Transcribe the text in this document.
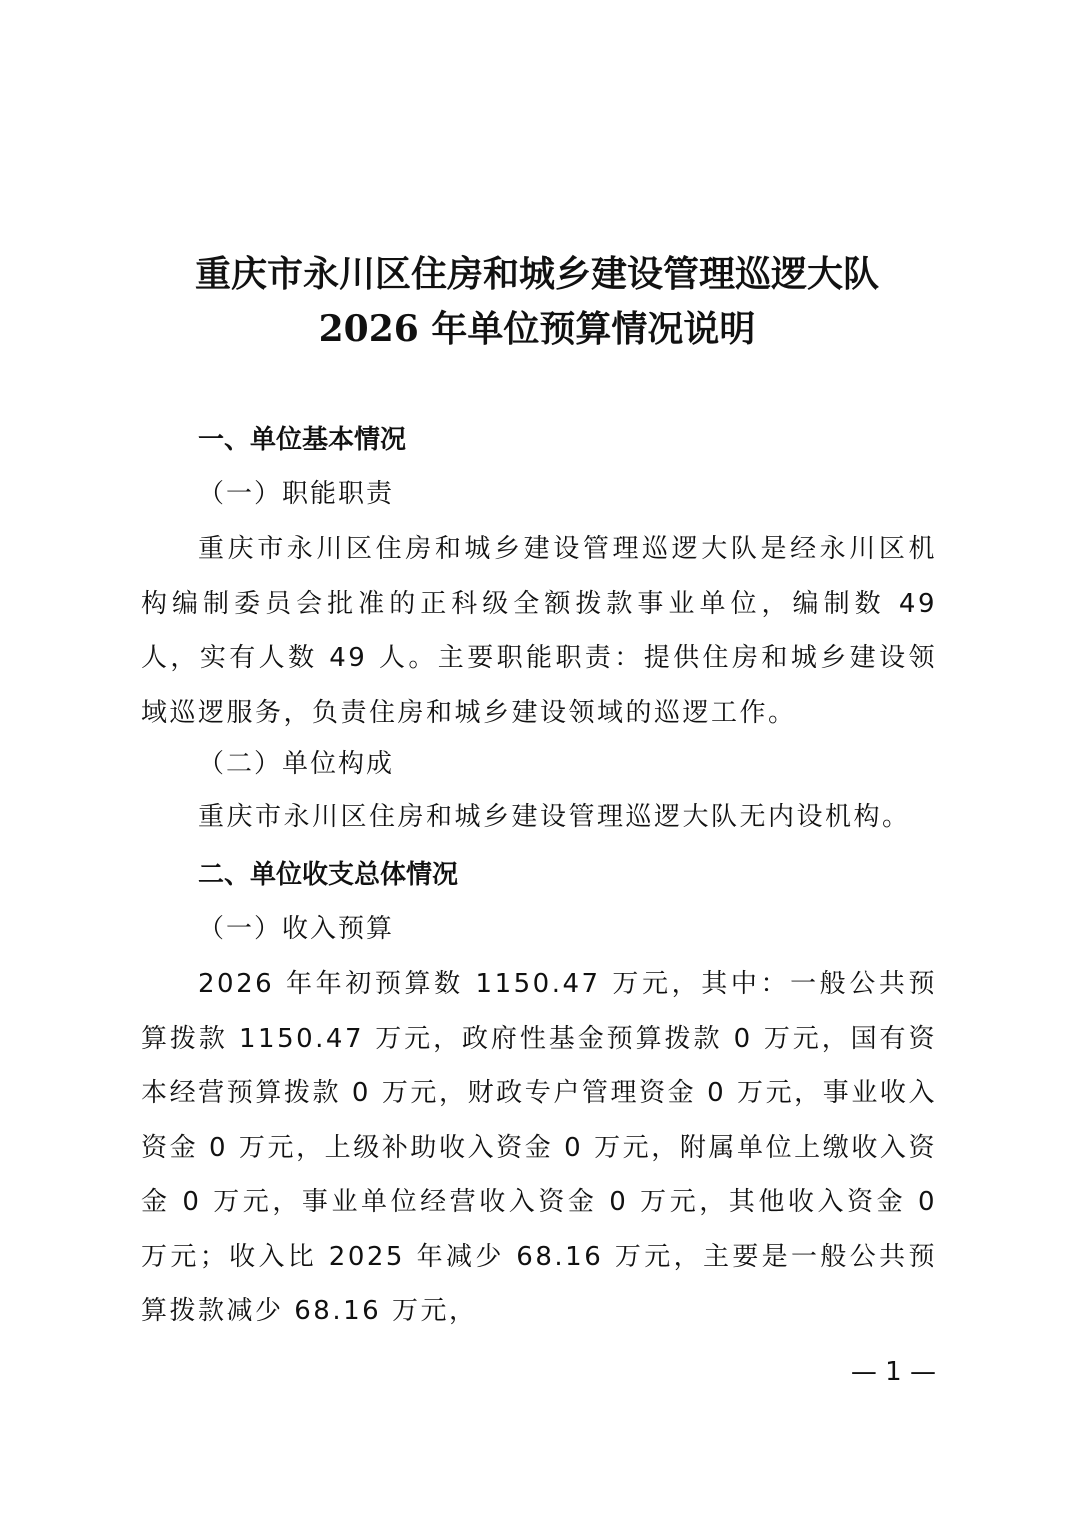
重庆市永川区住房和城乡建设管理巡逻大队
2026 年单位预算情况说明
一、单位基本情况
（一）职能职责
重庆市永川区住房和城乡建设管理巡逻大队是经永川区机构编制委员会批准的正科级全额拨款事业单位，编制数 49 人，实有人数 49 人。主要职能职责：提供住房和城乡建设领域巡逻服务，负责住房和城乡建设领域的巡逻工作。
（二）单位构成
重庆市永川区住房和城乡建设管理巡逻大队无内设机构。
二、单位收支总体情况
（一）收入预算
2026 年年初预算数 1150.47 万元，其中：一般公共预算拨款 1150.47 万元，政府性基金预算拨款 0 万元，国有资本经营预算拨款 0 万元，财政专户管理资金 0 万元，事业收入资金 0 万元，上级补助收入资金 0 万元，附属单位上缴收入资金 0 万元，事业单位经营收入资金 0 万元，其他收入资金 0 万元；收入比 2025 年减少 68.16 万元，主要是一般公共预算拨款减少 68.16 万元，
— 1 —
